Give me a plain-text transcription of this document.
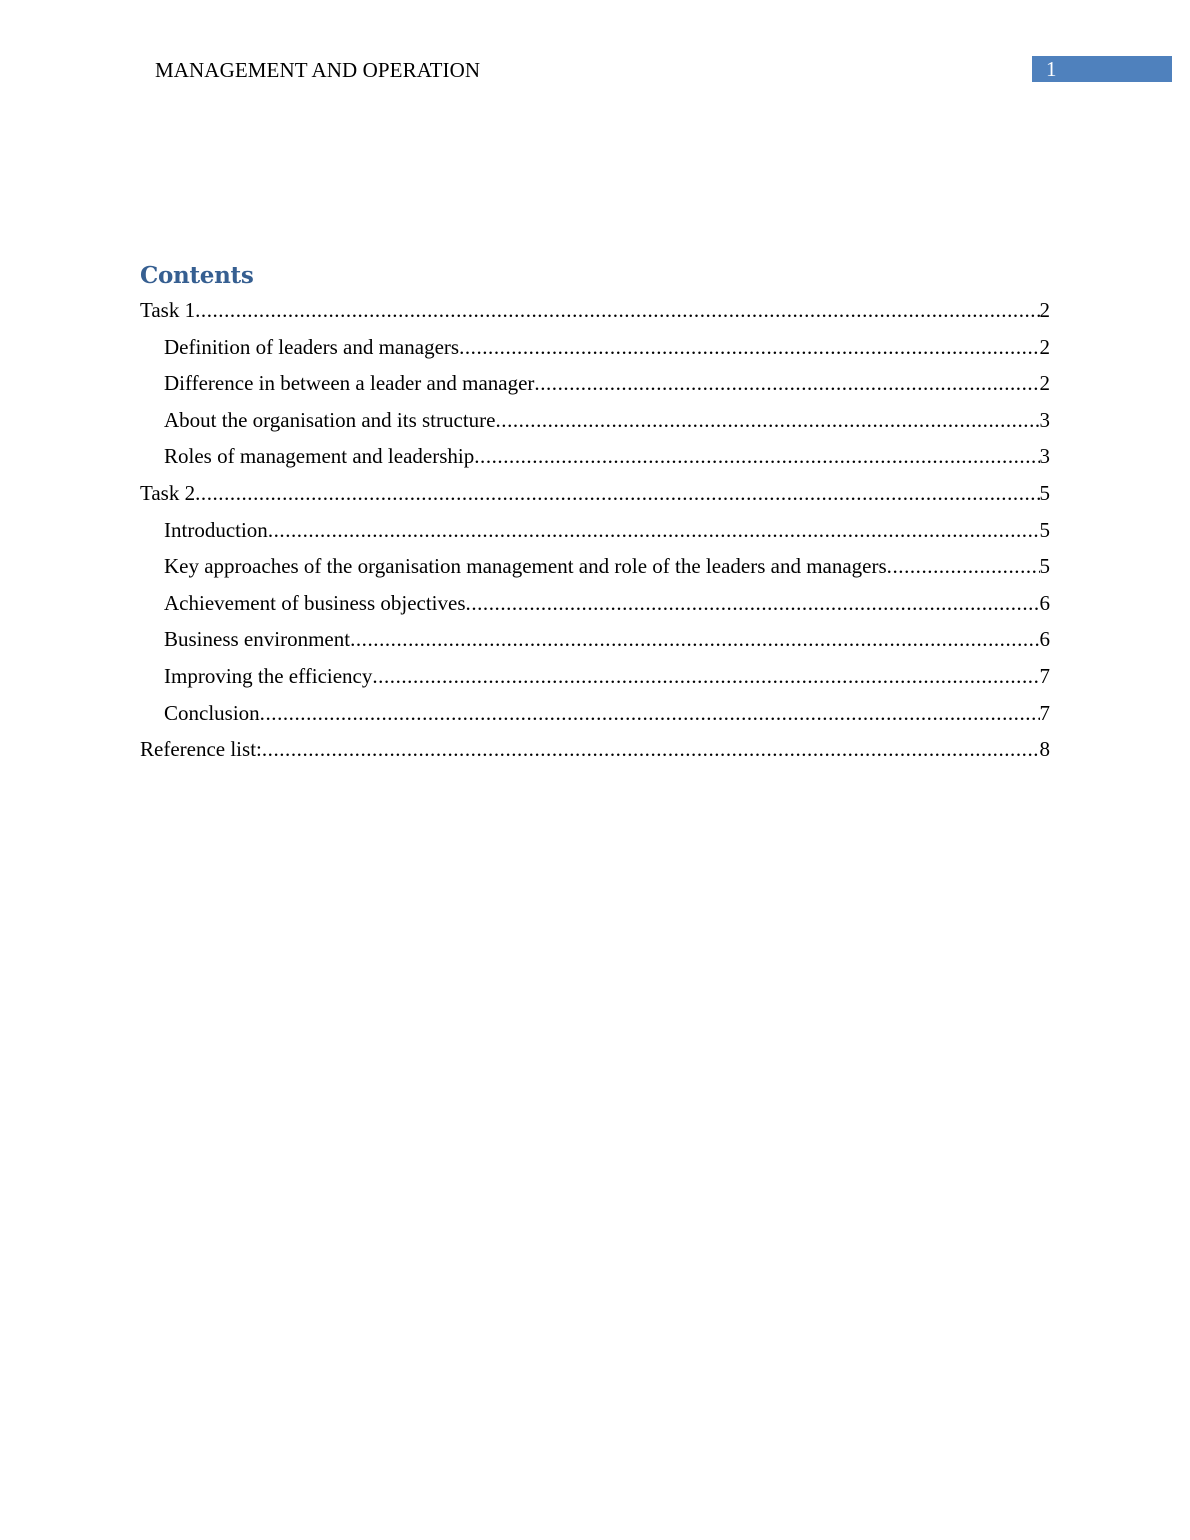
MANAGEMENT AND OPERATION	1
Contents
Task 1 .....	2
Definition of leaders and managers .....	2
Difference in between a leader and manager .....	2
About the organisation and its structure .....	3
Roles of management and leadership .....	3
Task 2 .....	5
Introduction .....	5
Key approaches of the organisation management and role of the leaders and managers .....	5
Achievement of business objectives .....	6
Business environment .....	6
Improving the efficiency .....	7
Conclusion .....	7
Reference list: .....	8
